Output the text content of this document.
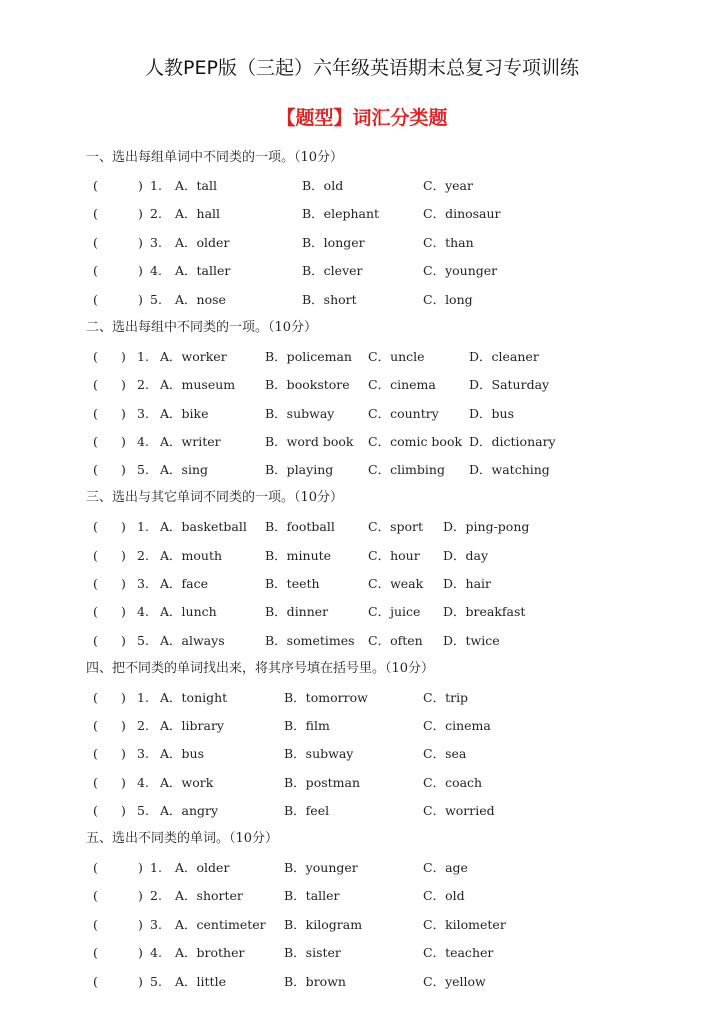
人教PEP版（三起）六年级英语期末总复习专项训练
【题型】词汇分类题
一、选出每组单词中不同类的一项。（10分）
(	) 1. A．tall	B．old	C．year
(	) 2. A．hall	B．elephant	C．dinosaur
(	) 3. A．older	B．longer	C．than
(	) 4. A．taller	B．clever	C．younger
(	) 5. A．nose	B．short	C．long
二、选出每组中不同类的一项。（10分）
( ) 1. A．worker	B．policeman C．uncle	D．cleaner
( ) 2. A．museum B．bookstore C．cinema	D．Saturday
( ) 3. A．bike	B．subway	C．country D．bus
( ) 4. A．writer	B．word book C．comic book D．dictionary
( ) 5. A．sing	B．playing	C．climbing D．watching
三、选出与其它单词不同类的一项。（10分）
( ) 1. A．basketball B．football	C．sport D．ping-pong
( ) 2. A．mouth	B．minute	C．hour D．day
( ) 3. A．face	B．teeth	C．weak D．hair
( ) 4. A．lunch	B．dinner	C．juice D．breakfast
( ) 5. A．always	B．sometimes C．often D．twice
四、把不同类的单词找出来，将其序号填在括号里。（10分）
( ) 1. A．tonight	B．tomorrow	C．trip
( ) 2. A．library	B．film	C．cinema
( ) 3. A．bus	B．subway	C．sea
( ) 4. A．work	B．postman	C．coach
( ) 5. A．angry	B．feel	C．worried
五、选出不同类的单词。（10分）
(	) 1. A．older	B．younger	C．age
(	) 2. A．shorter	B．taller	C．old
(	) 3. A．centimeter B．kilogram	C．kilometer
(	) 4. A．brother	B．sister	C．teacher
(	) 5. A．little	B．brown	C．yellow
